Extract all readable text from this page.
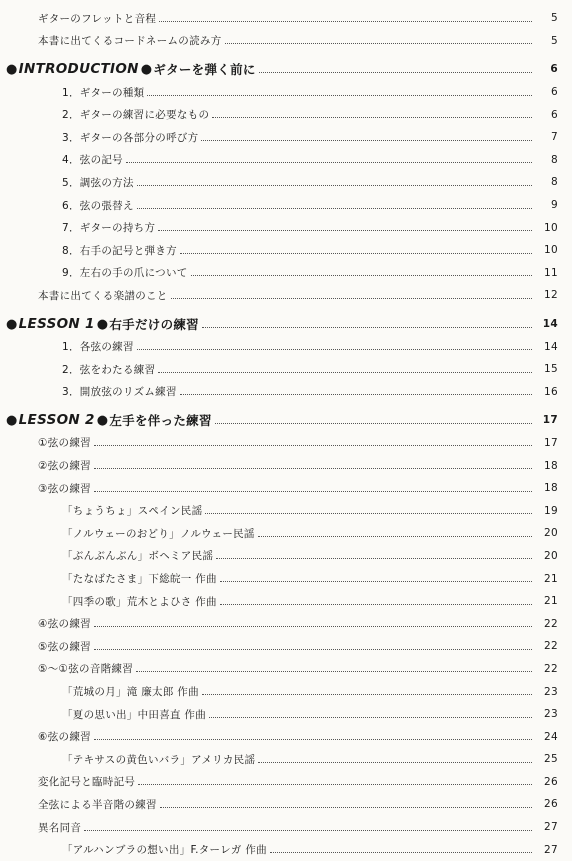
ギターのフレットと音程	5
本書に出てくるコードネームの読み方	5
● INTRODUCTION ● ギターを弾く前に	6
1．ギターの種類	6
2．ギターの練習に必要なもの	6
3．ギターの各部分の呼び方	7
4．弦の記号	8
5．調弦の方法	8
6．弦の張替え	9
7．ギターの持ち方	10
8．右手の記号と弾き方	10
9．左右の手の爪について	11
本書に出てくる楽譜のこと	12
● LESSON 1 ● 右手だけの練習	14
1．各弦の練習	14
2．弦をわたる練習	15
3．開放弦のリズム練習	16
● LESSON 2 ● 左手を伴った練習	17
①弦の練習	17
②弦の練習	18
③弦の練習	18
「ちょうちょ」スペイン民謡	19
「ノルウェーのおどり」ノルウェー民謡	20
「ぶんぶんぶん」ボヘミア民謡	20
「たなばたさま」下総皖一 作曲	21
「四季の歌」荒木とよひさ 作曲	21
④弦の練習	22
⑤弦の練習	22
⑤～①弦の音階練習	22
「荒城の月」滝 廉太郎 作曲	23
「夏の思い出」中田喜直 作曲	23
⑥弦の練習	24
「テキサスの黄色いバラ」アメリカ民謡	25
変化記号と臨時記号	26
全弦による半音階の練習	26
異名同音	27
「アルハンブラの想い出」F.ターレガ 作曲	27
